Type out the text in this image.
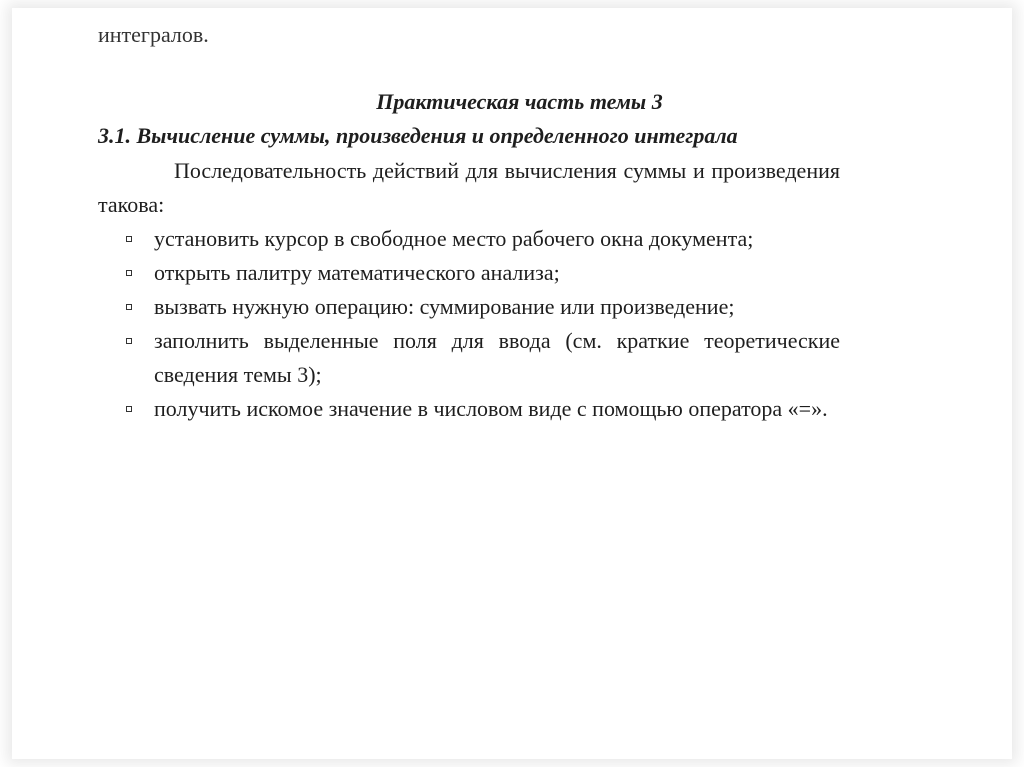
интегралов.
Практическая часть темы 3
3.1. Вычисление суммы, произведения и определенного интеграла
Последовательность действий для вычисления суммы и произведения такова:
установить курсор в свободное место рабочего окна документа;
открыть палитру математического анализа;
вызвать нужную операцию: суммирование или произведение;
заполнить выделенные поля для ввода (см. краткие теоретические
сведения темы 3);
получить искомое значение в числовом виде с помощью оператора «=».
